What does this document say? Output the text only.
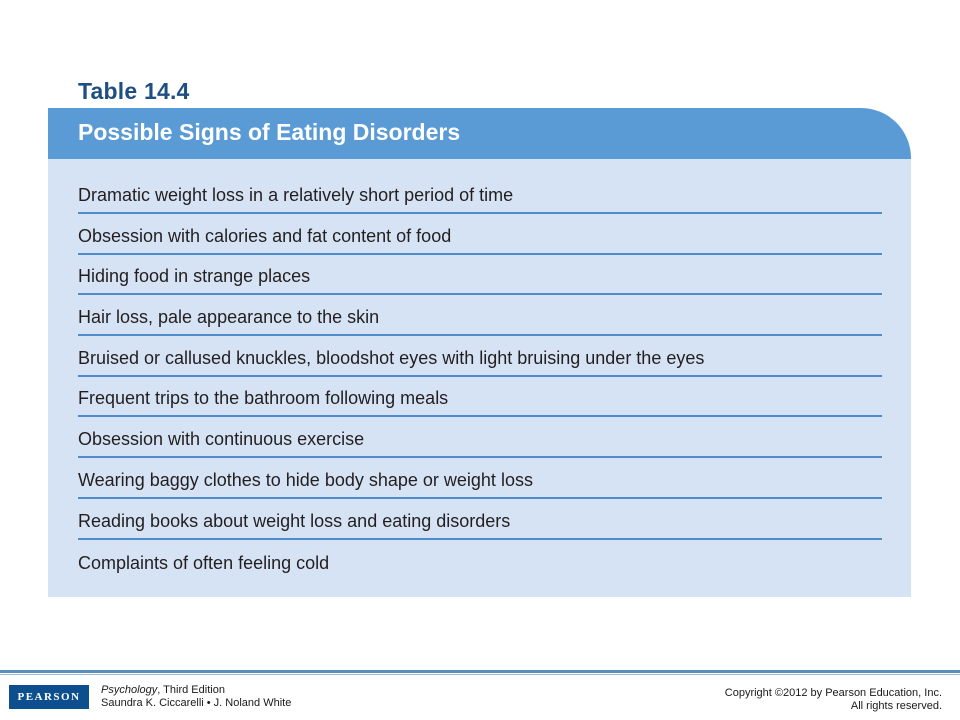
Table 14.4
Possible Signs of Eating Disorders
Dramatic weight loss in a relatively short period of time
Obsession with calories and fat content of food
Hiding food in strange places
Hair loss, pale appearance to the skin
Bruised or callused knuckles, bloodshot eyes with light bruising under the eyes
Frequent trips to the bathroom following meals
Obsession with continuous exercise
Wearing baggy clothes to hide body shape or weight loss
Reading books about weight loss and eating disorders
Complaints of often feeling cold
PEARSON
Psychology, Third Edition
Saundra K. Ciccarelli • J. Noland White
Copyright ©2012 by Pearson Education, Inc.
All rights reserved.
